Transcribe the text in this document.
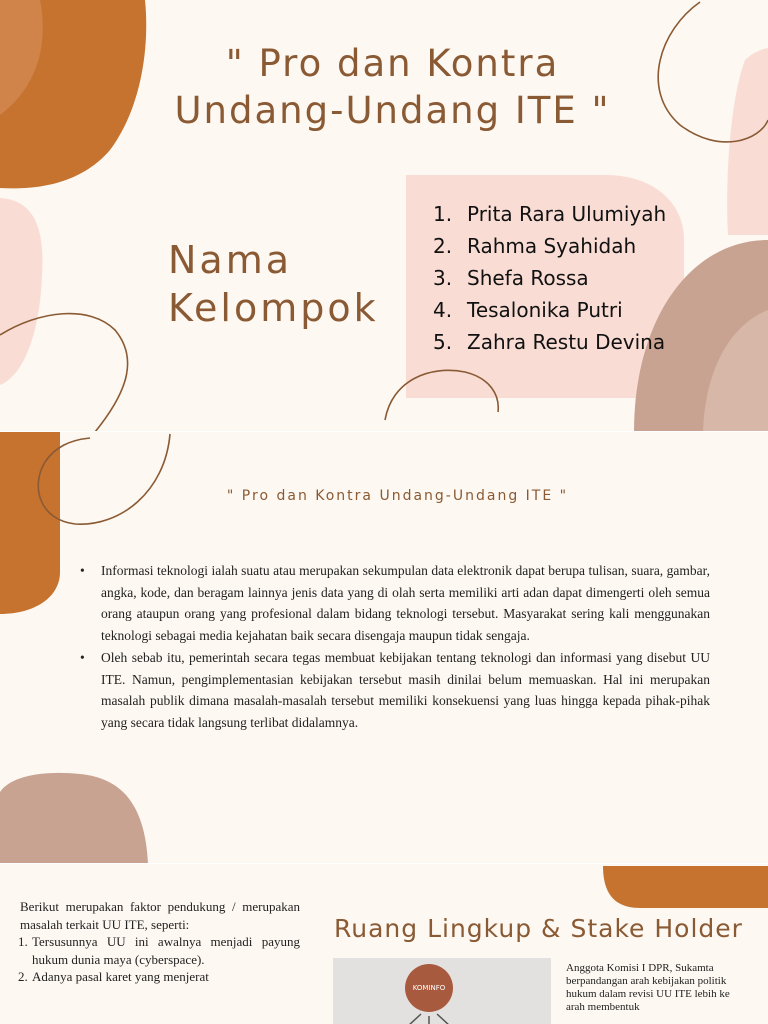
" Pro dan Kontra
Undang-Undang ITE "
Nama
Kelompok
1. Prita Rara Ulumiyah
2. Rahma Syahidah
3. Shefa Rossa
4. Tesalonika Putri
5. Zahra Restu Devina
" Pro dan Kontra Undang-Undang ITE "
• Informasi teknologi ialah suatu atau merupakan sekumpulan data elektronik dapat berupa tulisan, suara, gambar, angka, kode, dan beragam lainnya jenis data yang di olah serta memiliki arti adan dapat dimengerti oleh semua orang ataupun orang yang profesional dalam bidang teknologi tersebut. Masyarakat sering kali menggunakan teknologi sebagai media kejahatan baik secara disengaja maupun tidak sengaja.
• Oleh sebab itu, pemerintah secara tegas membuat kebijakan tentang teknologi dan informasi yang disebut UU ITE. Namun, pengimplementasian kebijakan tersebut masih dinilai belum memuaskan. Hal ini merupakan masalah publik dimana masalah-masalah tersebut memiliki konsekuensi yang luas hingga kepada pihak-pihak yang secara tidak langsung terlibat didalamnya.
Berikut merupakan faktor pendukung / merupakan masalah terkait UU ITE, seperti:
1. Tersusunnya UU ini awalnya menjadi payung hukum dunia maya (cyberspace).
2. Adanya pasal karet yang menjerat
Ruang Lingkup & Stake Holder
KOMINFO
Anggota Komisi I DPR, Sukamta berpandangan arah kebijakan politik hukum dalam revisi UU ITE lebih ke arah membentuk
